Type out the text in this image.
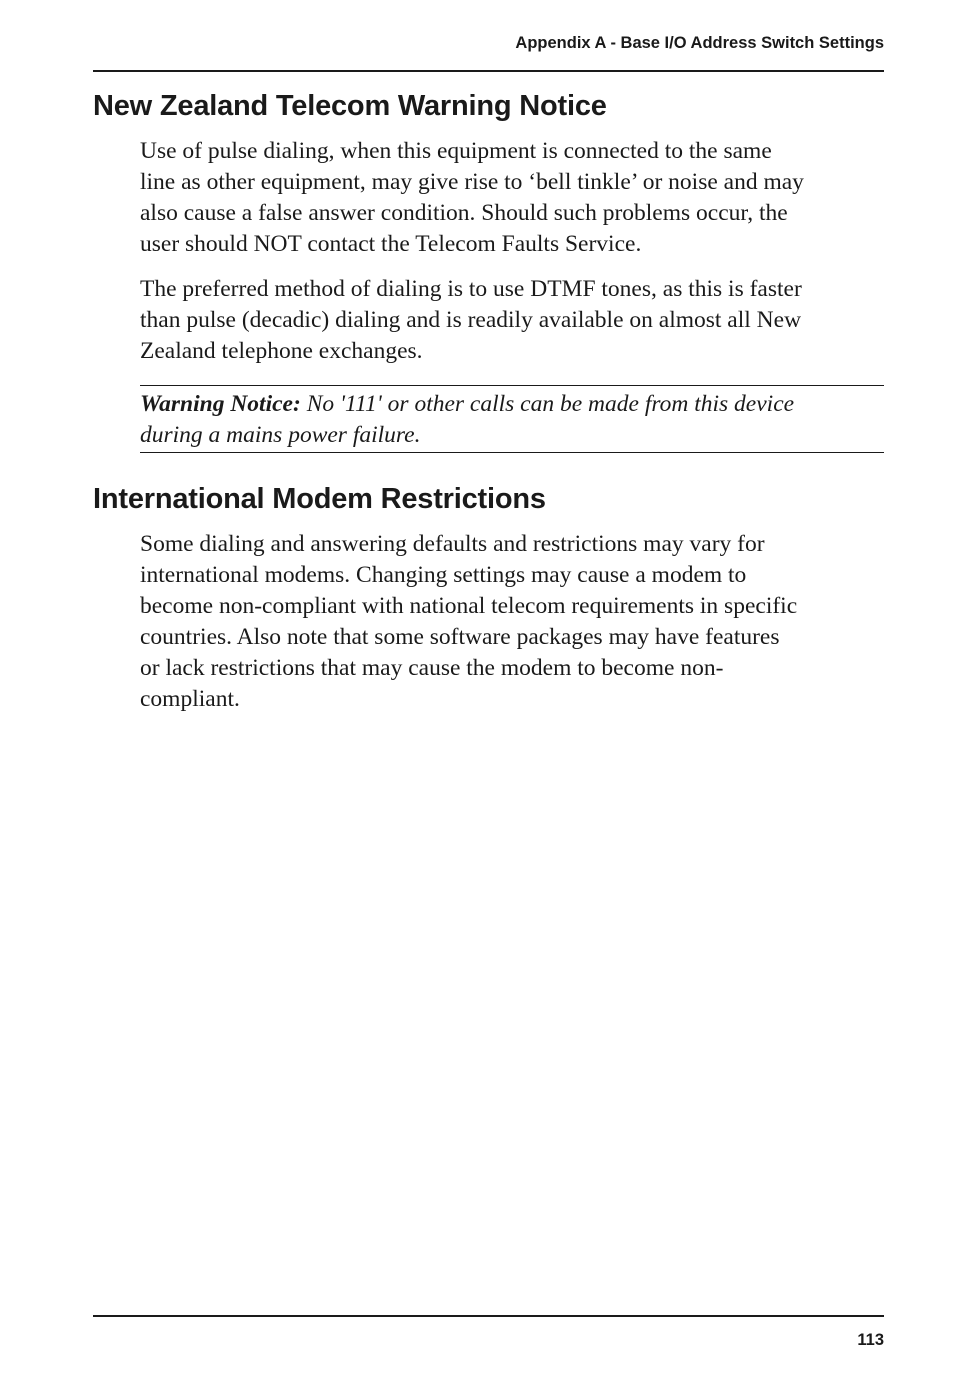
Appendix A - Base I/O Address Switch Settings
New Zealand Telecom Warning Notice

Use of pulse dialing, when this equipment is connected to the same
line as other equipment, may give rise to ‘bell tinkle’ or noise and may
also cause a false answer condition. Should such problems occur, the
user should NOT contact the Telecom Faults Service.

The preferred method of dialing is to use DTMF tones, as this is faster
than pulse (decadic) dialing and is readily available on almost all New
Zealand telephone exchanges.

Warning Notice: No '111' or other calls can be made from this device
during a mains power failure.
International Modem Restrictions

Some dialing and answering defaults and restrictions may vary for
international modems. Changing settings may cause a modem to
become non-compliant with national telecom requirements in specific
countries. Also note that some software packages may have features
or lack restrictions that may cause the modem to become non-
compliant.

113
